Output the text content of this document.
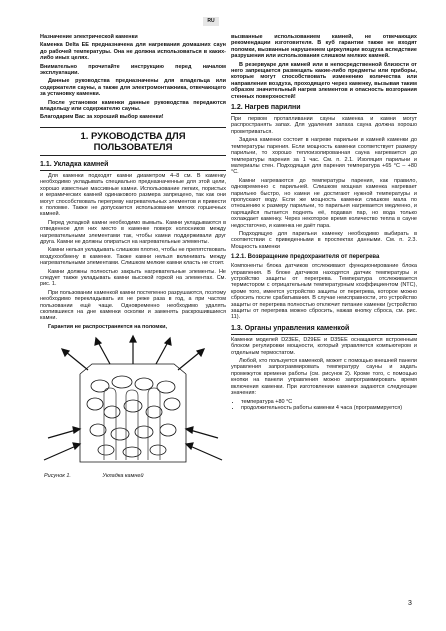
RU

Назначение электрической каменки

Каменка Delta EE предназначена для нагревания домашних саун до рабочей температуры. Она не должна использоваться в каких-либо иных целях.

Внимательно прочитайте инструкцию перед началом эксплуатации.

Данные руководства предназначены для владельца или содержателя сауны, а также для электромонтажника, отвечающего за установку каменки.

После установки каменки данные руководства передаются владельцу или содержателю сауны.

Благодарим Вас за хороший выбор каменки!

1. РУКОВОДСТВА ДЛЯ ПОЛЬЗОВАТЕЛЯ
1.1. Укладка камней

Для каменки подходят камни диаметром 4–8 см. В каменку необходимо укладывать специально предназначенные для этой цели, хорошо известные массивные камни. Использование легких, пористых и керамических камней одинакового размера запрещено, так как они могут способствовать перегреву нагревательных элементов и привести к поломке. Также не допускается использование мягких горшечных камней.

Перед укладкой камни необходимо вымыть. Камни укладываются в отведенное для них место в каменке поверх колосников между нагревательными элементами так, чтобы камни поддерживали друг друга. Камни не должны опираться на нагревательные элементы.

Камни нельзя укладывать слишком плотно, чтобы не препятствовать воздухообмену в каменке. Также камни нельзя вклинивать между нагревательными элементами. Слишком мелкие камни класть не стоит.

Камни должны полностью закрыть нагревательные элементы. Не следует также укладывать камни высокой горкой на элементах. См. рис. 1.

При пользовании каменкой камни постепенно разрушаются, поэтому необходимо перекладывать их не реже раза в год, а при частом пользовании ещё чаще. Одновременно необходимо удалять скопившиеся на дне каменки осколки и заменять раскрошившиеся камни.

Гарантия не распространяется на поломки,

Рисунок 1.	Укладка камней

вызванные использованием камней, не отвечающих рекомендации изготовителя. В куб гарантии также не входят поломки, вызванные нарушением циркуляции воздуха вследствие разрушения или использования слишком мелких камней.

В резервуаре для камней или в непосредственной близости от него запрещается размещать какие-либо предметы или приборы, которые могут способствовать изменению количества или направления воздуха, проходящего через каменку, вызывая таким образом значительный нагрев элементов и опасность возгорания стенных поверхностей!

1.2. Нагрев парилни

При первом протапливании сауны каменка и камни могут распространять запах. Для удаления запаха сауна должна хорошо проветриваться.

Задача каменки состоит в нагреве парильни и камней каменки до температуры парения. Если мощность каменки соответствует размеру парильни, то хорошо теплоизолированная сауна нагревается до температуры парения за 1 час. См. п. 2.1. Изоляция парильни и материалы стен. Подходящая для парения температура +65 °C – +80 °C.

Камни нагреваются до температуры парения, как правило, одновременно с парильней. Слишком мощная каменка нагревает парильню быстро, но камни не достигают нужной температуры и пропускают воду. Если же мощность каменки слишком мала по отношению к размеру парильни, то парильня нагревается медленно, и парящийся пытается поднять её, подавая пар, но вода только охлаждает каменку. Через некоторое время количество тепла в сауне недостаточно, и каменка не даёт пара.

Подходящую для парильни каменку необходимо выбирать в соответствии с приведенными в проспектах данными. См. п. 2.3. Мощность каменки

1.2.1. Возвращение предохранителя от перегрева

Компоненты блока датчиков отслеживают функционирование блока управления. В блоке датчиков находятся датчик температуры и устройство защиты от перегрева. Температура отслеживается термистором с отрицательным температурным коэффициентом (NTC), кроме того, имеется устройство защиты от перегрева, которое можно сбросить после срабатывания. В случае неисправности, это устройство защиты от перегрева полностью отключит питание каменки (устройство защиты от перегрева можно сбросить, нажав кнопку сброса, см. рис. 11).

1.3. Органы управления каменкой

Каменки моделей D23EE, D29EE и D35EE оснащаются встроенным блоком регулировки мощности, который управляется компьютером и отдельным термостатом.

Любой, кто пользуется каменкой, может с помощью внешней панели управления запрограммировать температуру сауны и задать промежуток времени работы (см. рисунок 2). Кроме того, с помощью кнопки на панели управления можно запрограммировать время включения каменки. При изготовлении каменки задаются следующие значения:

• температура +80 °C
• продолжительность работы каменки 4 часа (программируется)
3
